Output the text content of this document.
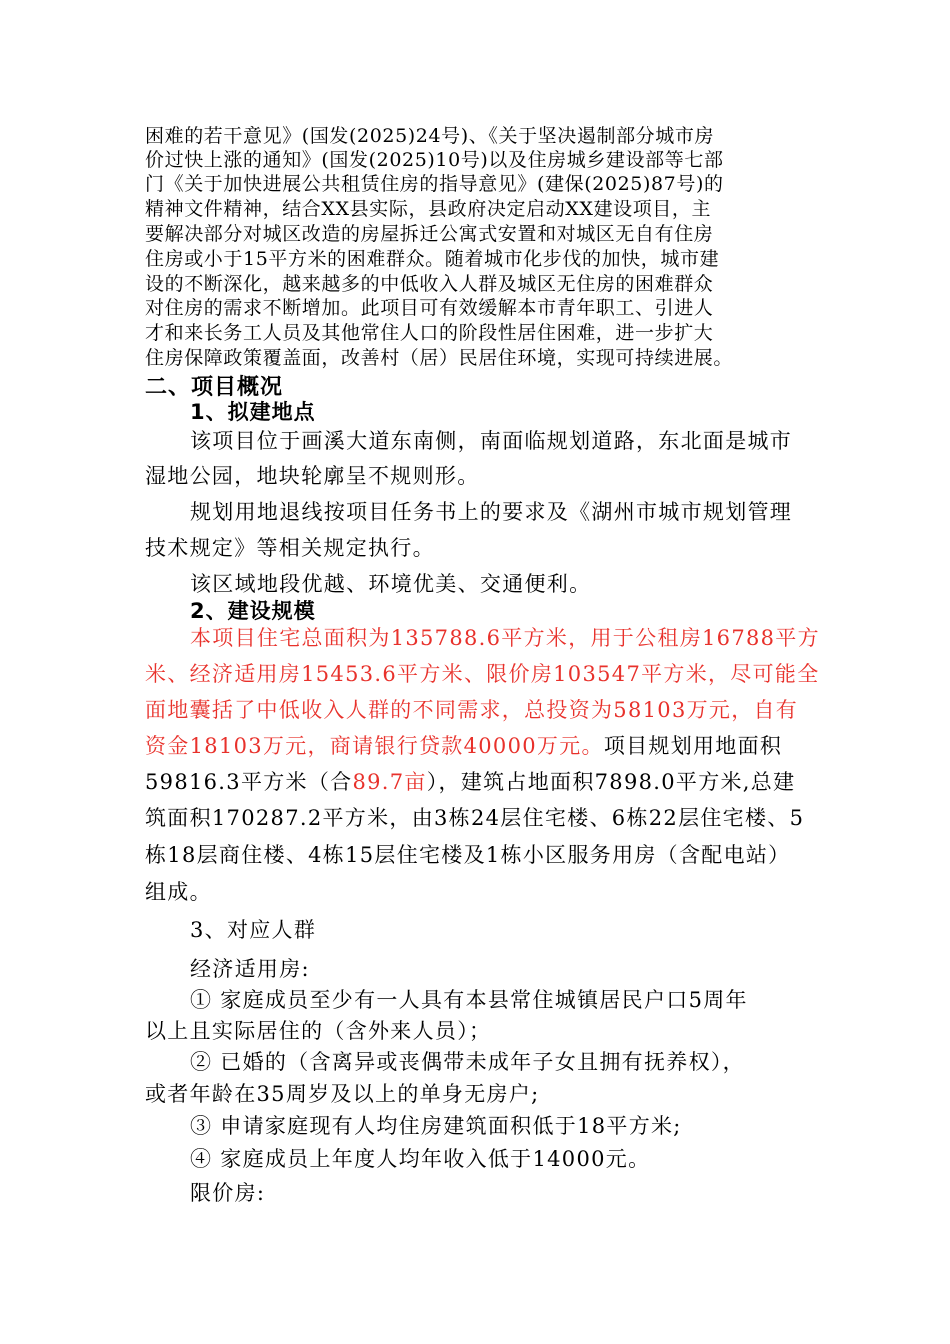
困难的若干意见》(国发(2025)24号)、《关于坚决遏制部分城市房
价过快上涨的通知》(国发(2025)10号)以及住房城乡建设部等七部
门《关于加快进展公共租赁住房的指导意见》(建保(2025)87号)的
精神文件精神，结合XX县实际，县政府决定启动XX建设项目，主
要解决部分对城区改造的房屋拆迁公寓式安置和对城区无自有住房
住房或小于15平方米的困难群众。随着城市化步伐的加快，城市建
设的不断深化，越来越多的中低收入人群及城区无住房的困难群众
对住房的需求不断增加。此项目可有效缓解本市青年职工、引进人
才和来长务工人员及其他常住人口的阶段性居住困难，进一步扩大
住房保障政策覆盖面，改善村（居）民居住环境，实现可持续进展。
二、项目概况
1、拟建地点
该项目位于画溪大道东南侧，南面临规划道路，东北面是城市
湿地公园，地块轮廓呈不规则形。
规划用地退线按项目任务书上的要求及《湖州市城市规划管理
技术规定》等相关规定执行。
该区域地段优越、环境优美、交通便利。
2、建设规模
本项目住宅总面积为135788.6平方米，用于公租房16788平方
米、经济适用房15453.6平方米、限价房103547平方米，尽可能全
面地囊括了中低收入人群的不同需求，总投资为58103万元，自有
资金18103万元，商请银行贷款40000万元。项目规划用地面积
59816.3平方米（合89.7亩），建筑占地面积7898.0平方米,总建
筑面积170287.2平方米，由3栋24层住宅楼、6栋22层住宅楼、5
栋18层商住楼、4栋15层住宅楼及1栋小区服务用房（含配电站）
组成。
3、对应人群
经济适用房:
① 家庭成员至少有一人具有本县常住城镇居民户口5周年
以上且实际居住的（含外来人员）；
② 已婚的（含离异或丧偶带未成年子女且拥有抚养权），
或者年龄在35周岁及以上的单身无房户;
③ 申请家庭现有人均住房建筑面积低于18平方米;
④ 家庭成员上年度人均年收入低于14000元。
限价房:
